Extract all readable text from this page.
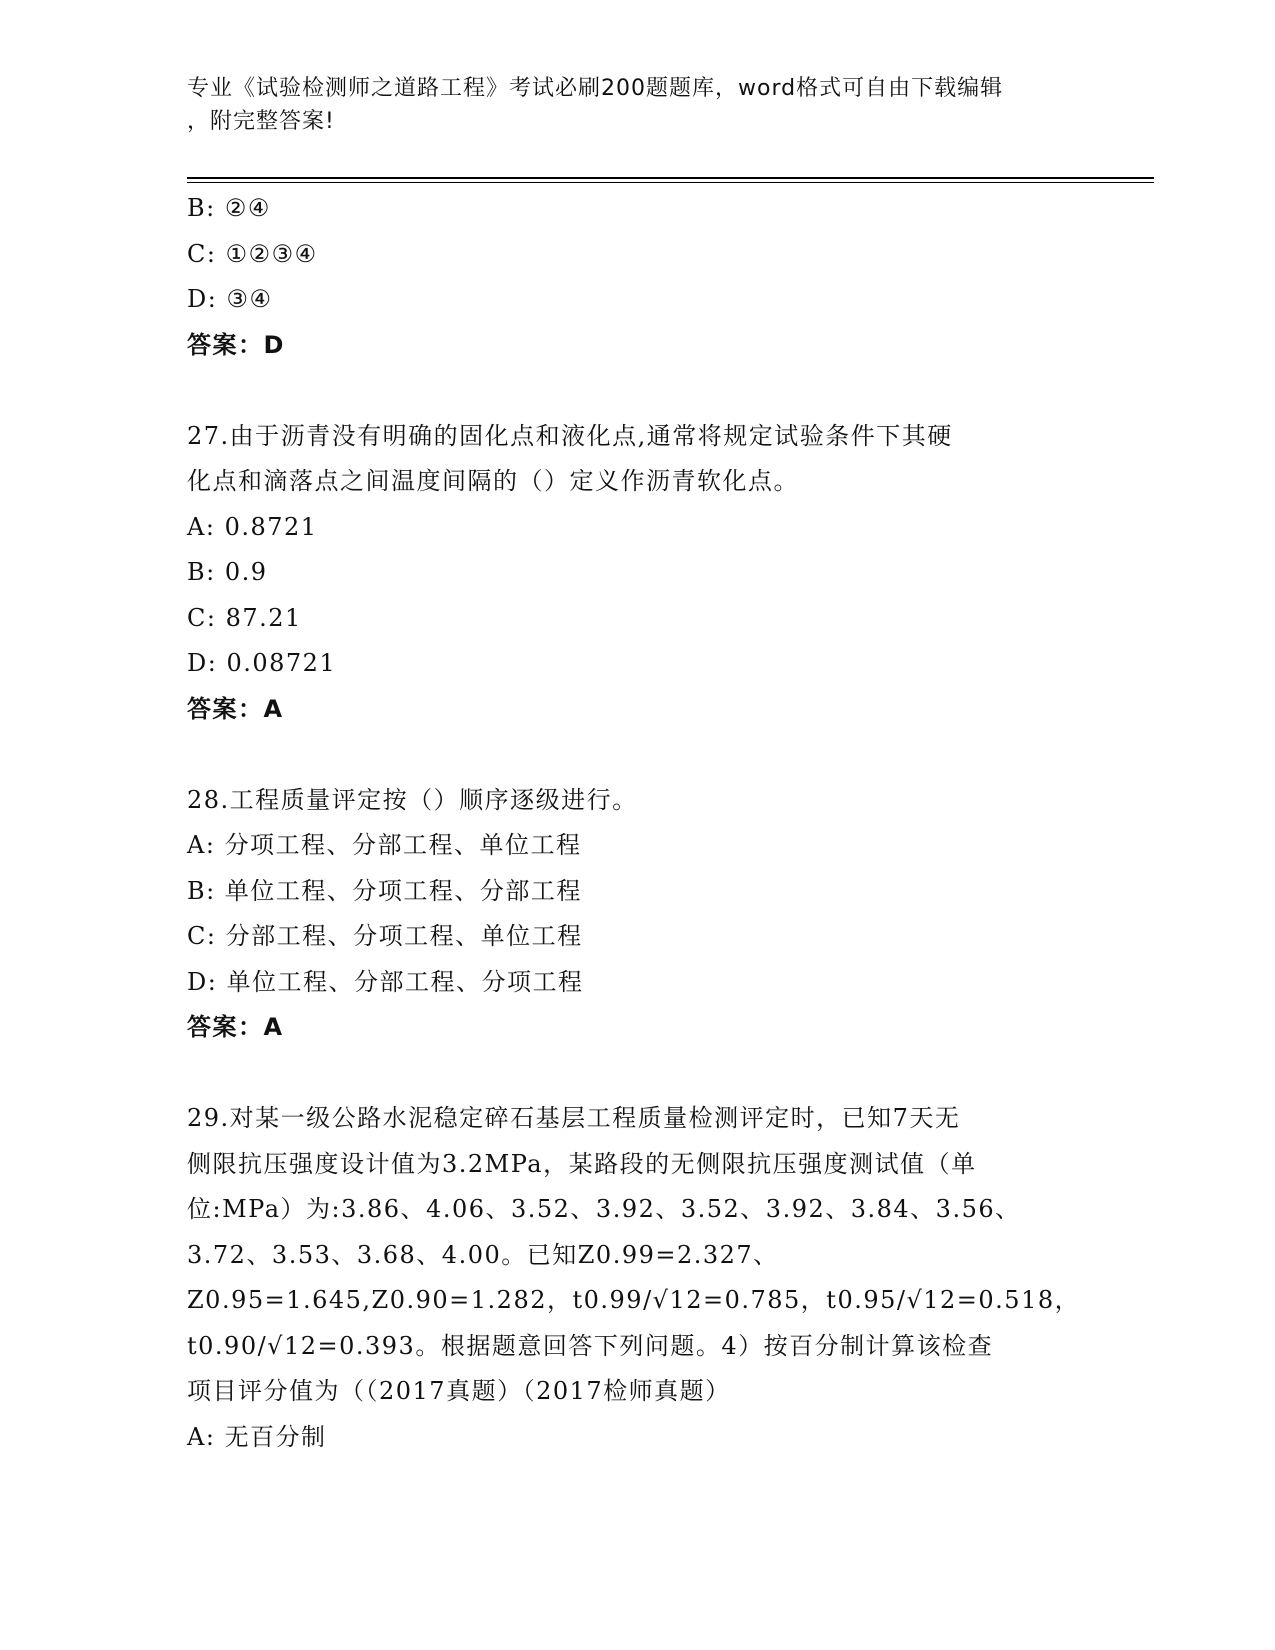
专业《试验检测师之道路工程》考试必刷200题题库，word格式可自由下载编辑
，附完整答案!
B: ②④
C: ①②③④
D: ③④
答案：D
27.由于沥青没有明确的固化点和液化点,通常将规定试验条件下其硬
化点和滴落点之间温度间隔的（）定义作沥青软化点。
A: 0.8721
B: 0.9
C: 87.21
D: 0.08721
答案：A
28.工程质量评定按（）顺序逐级进行。
A: 分项工程、分部工程、单位工程
B: 单位工程、分项工程、分部工程
C: 分部工程、分项工程、单位工程
D: 单位工程、分部工程、分项工程
答案：A
29.对某一级公路水泥稳定碎石基层工程质量检测评定时，已知7天无
侧限抗压强度设计值为3.2MPa，某路段的无侧限抗压强度测试值（单
位:MPa）为:3.86、4.06、3.52、3.92、3.52、3.92、3.84、3.56、
3.72、3.53、3.68、4.00。已知Z0.99=2.327、
Z0.95=1.645,Z0.90=1.282，t0.99/√12=0.785，t0.95/√12=0.518，
t0.90/√12=0.393。根据题意回答下列问题。4）按百分制计算该检查
项目评分值为（（2017真题）（2017检师真题）
A: 无百分制
